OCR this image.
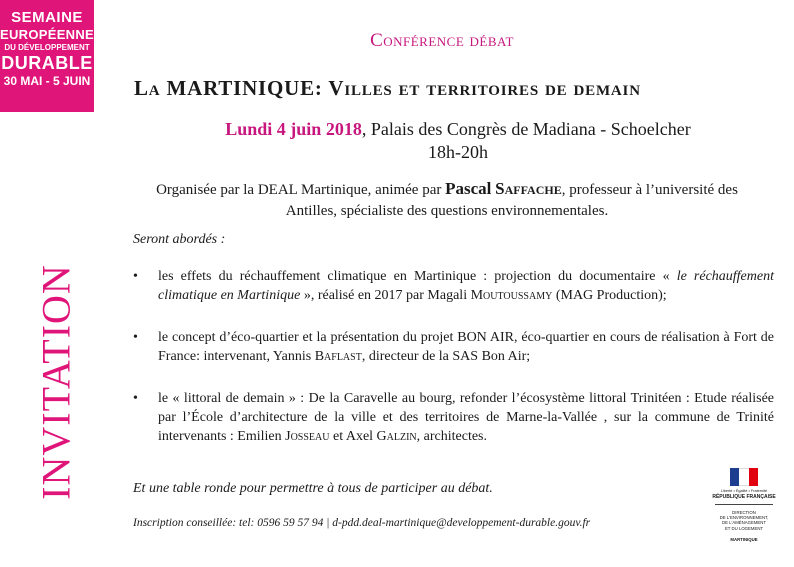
SEMAINE
EUROPÉENNE
DU DÉVELOPPEMENT
DURABLE
30 MAI - 5 JUIN
INVITATION
Conférence débat
La MARTINIQUE: Villes et territoires de demain
Lundi 4 juin 2018, Palais des Congrès de Madiana - Schoelcher
18h-20h
Organisée par la DEAL Martinique, animée par Pascal Saffache, professeur à l’université des Antilles, spécialiste des questions environnementales.
Seront abordés :
• les effets du réchauffement climatique en Martinique : projection du documentaire « le réchauffement climatique en Martinique », réalisé en 2017 par Magali Moutoussamy (MAG Production);
• le concept d’éco-quartier et la présentation du projet BON AIR, éco-quartier en cours de réalisation à Fort de France: intervenant, Yannis Baflast, directeur de la SAS Bon Air;
• le « littoral de demain » : De la Caravelle au bourg, refonder l’écosystème littoral Trinitéen : Etude réalisée par l’École d’architecture de la ville et des territoires de Marne-la-Vallée , sur la commune de Trinité intervenants : Emilien Josseau et Axel Galzin, architectes.
Et une table ronde pour permettre à tous de participer au débat.
Inscription conseillée: tel: 0596 59 57 94 | d-pdd.deal-martinique@developpement-durable.gouv.fr
Liberté • Égalité • Fraternité
RÉPUBLIQUE FRANÇAISE
DIRECTION
DE L'ENVIRONNEMENT,
DE L'AMÉNAGEMENT
ET DU LOGEMENT
MARTINIQUE
